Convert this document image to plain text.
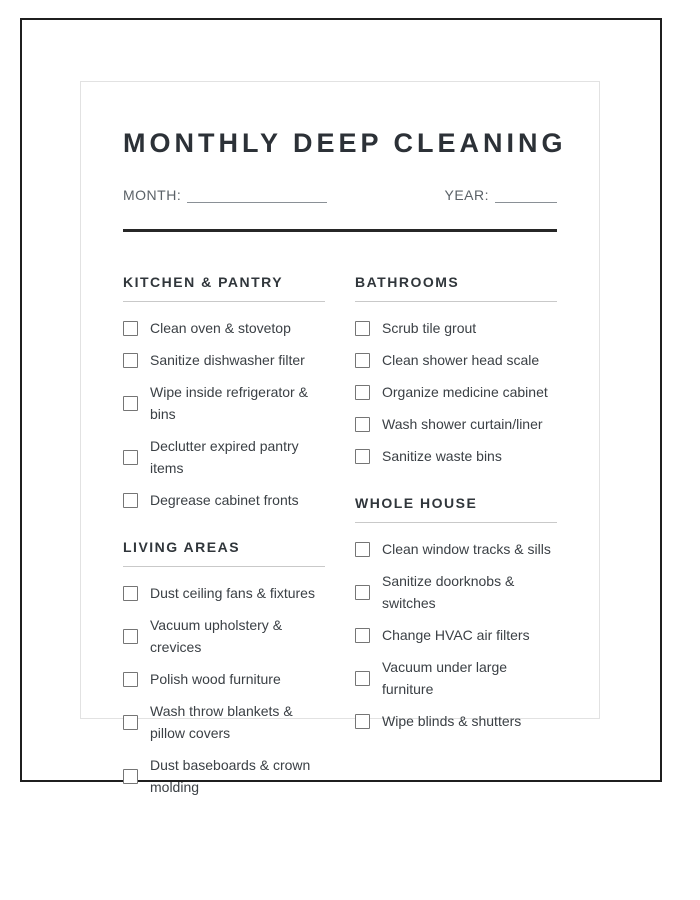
MONTHLY DEEP CLEANING
MONTH:	YEAR:
KITCHEN & PANTRY
Clean oven & stovetop
Sanitize dishwasher filter
Wipe inside refrigerator & bins
Declutter expired pantry items
Degrease cabinet fronts
LIVING AREAS
Dust ceiling fans & fixtures
Vacuum upholstery & crevices
Polish wood furniture
Wash throw blankets & pillow covers
Dust baseboards & crown molding
BATHROOMS
Scrub tile grout
Clean shower head scale
Organize medicine cabinet
Wash shower curtain/liner
Sanitize waste bins
WHOLE HOUSE
Clean window tracks & sills
Sanitize doorknobs & switches
Change HVAC air filters
Vacuum under large furniture
Wipe blinds & shutters
